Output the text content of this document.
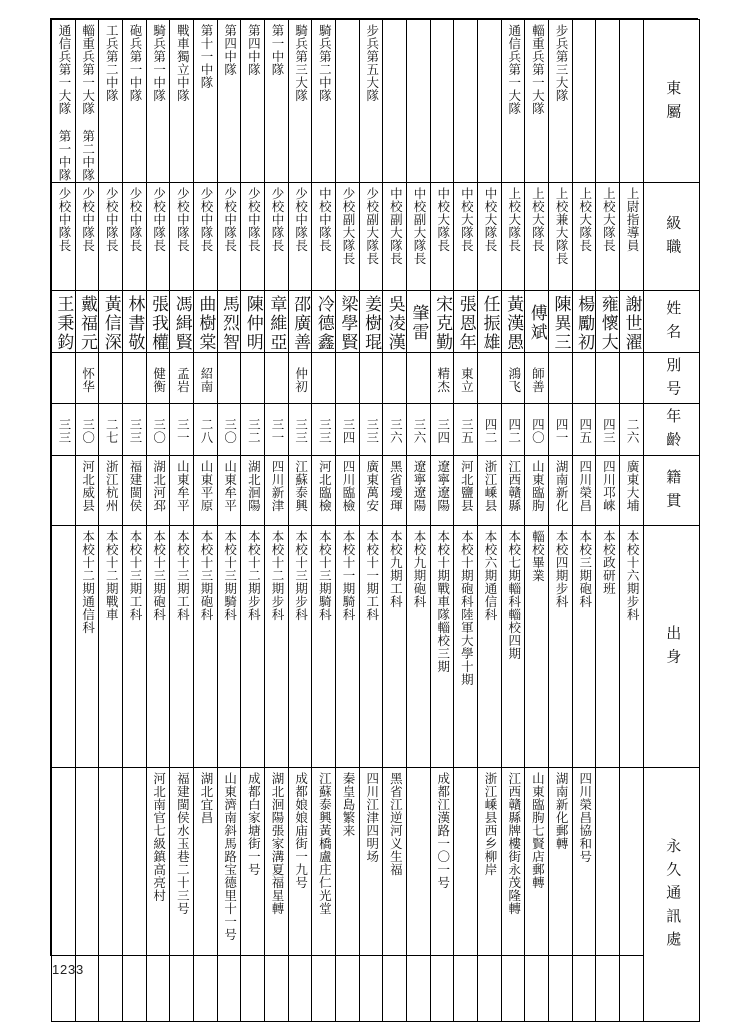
通信兵第一大隊 第一中隊	輜重兵第一大隊 第二中隊	工兵第二中隊	砲兵第一中隊	騎兵第一中隊	戰車獨立中隊	第十一中隊	第四中隊	第四中隊	第一中隊	騎兵第三大隊	騎兵第二中隊		步兵第五大隊						通信兵第一大隊	輜重兵第一大隊	步兵第三大隊				東屬

少校中隊長	少校中隊長	少校中隊長	少校中隊長	少校中隊長	少校中隊長	少校中隊長	少校中隊長	少校中隊長	少校中隊長	少校中隊長	中校中隊長	少校副大隊長	少校副大隊長	中校副大隊長	中校副大隊長	中校大隊長	中校大隊長	中校大隊長	上校大隊長	上校大隊長	上校兼大隊長	上校大隊長	上校大隊長	上尉指導員	級職

王秉鈞	戴福元	黃信深	林書敬	張我權	馮緝賢	曲樹棠	馬烈智	陳仲明	章維亞	邵廣善	冷德鑫	梁學賢	姜樹琨	吳凌漢	肇雷	宋克勤	張恩年	任振雄	黃漢愚	傅斌	陳異三	楊勵初	雍懷大	謝世濯	姓名

	怀华			健衡	孟岩	紹南				仲初						精杰	東立		鴻飞	師善					別号

三三	三〇	二七	三三	三〇	三一	二八	三〇	三二	三一	三三	三三	三四	三三	三六	三六	三四	三五	四二	四二	四〇	四一	四五	四三	二六	年齡

	河北威县	浙江杭州	福建閩侯	湖北河邳	山東牟平	山東平原	山東牟平	湖北洄陽	四川新津	江蘇泰興	河北臨檢	四川臨檢	廣東萬安	黑省璦琿	遼寧遼陽	遼寧遼陽	河北鹽县	浙江嵊县	江西贛縣	山東臨朐	湖南新化	四川榮昌	四川邛崍	廣東大埔	籍貫

	本校十二期通信科	本校十二期戰車	本校十三期工科	本校十三期砲科	本校十三期工科	本校十三期砲科	本校十三期騎科	本校十二期步科	本校十二期步科	本校十三期步科	本校十三期騎科	本校十一期騎科	本校十一期工科	本校九期工科	本校九期砲科	本校十期戰車隊輜校三期	本校十期砲科陸軍大學十期	本校六期通信科	本校七期輜科輜校四期	輜校畢業	本校四期步科	本校三期砲科	本校政研班	本校十六期步科	出身

				河北南官七級鎮高亮村	福建閩侯水玉巷二十三号	湖北宜昌	山東濟南斜馬路宝德里十一号	成都白家塘街一号	湖北洄陽張家溝夏福星轉	成都娘娘庙街一九号	江蘇泰興黃橋盧庄仁光堂	秦皇島繁来	四川江津四明场	黑省江逆河义生福		成都江漢路一〇一号		浙江嵊县西乡柳岸	江西贛縣牌樓街永茂隆轉	山東臨朐七賢店郵轉	湖南新化郵轉	四川榮昌協和号			永久通訊處
1233
